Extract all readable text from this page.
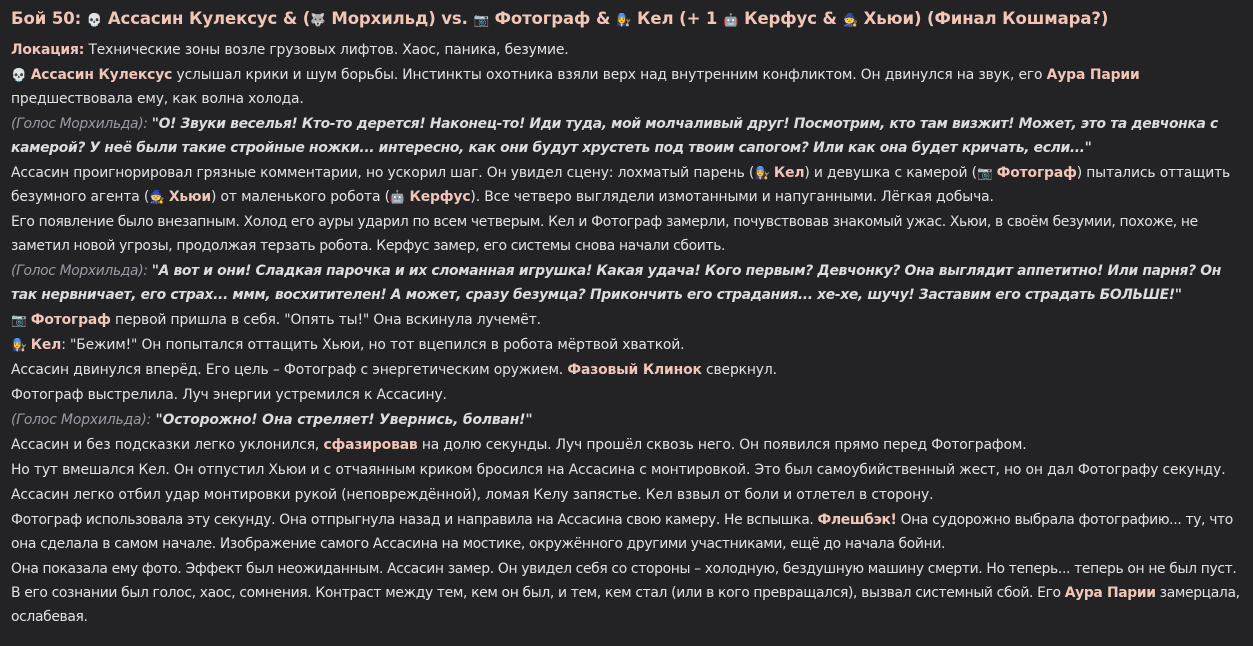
Бой 50: 💀 Ассасин Кулексус & (🐺 Морхильд) vs. 📷 Фотограф & 👩‍🔧 Кел (+ 1 🤖 Керфус & 🧙 Хьюи) (Финал Кошмара?)

Локация: Технические зоны возле грузовых лифтов. Хаос, паника, безумие.

💀 Ассасин Кулексус услышал крики и шум борьбы. Инстинкты охотника взяли верх над внутренним конфликтом. Он двинулся на звук, его Аура Парии предшествовала ему, как волна холода.

(Голос Морхильда): "О! Звуки веселья! Кто-то дерется! Наконец-то! Иди туда, мой молчаливый друг! Посмотрим, кто там визжит! Может, это та девчонка с камерой? У неё были такие стройные ножки... интересно, как они будут хрустеть под твоим сапогом? Или как она будет кричать, если..."

Ассасин проигнорировал грязные комментарии, но ускорил шаг. Он увидел сцену: лохматый парень (👩‍🔧 Кел) и девушка с камерой (📷 Фотограф) пытались оттащить безумного агента (🧙 Хьюи) от маленького робота (🤖 Керфус). Все четверо выглядели измотанными и напуганными. Лёгкая добыча.

Его появление было внезапным. Холод его ауры ударил по всем четверым. Кел и Фотограф замерли, почувствовав знакомый ужас. Хьюи, в своём безумии, похоже, не заметил новой угрозы, продолжая терзать робота. Керфус замер, его системы снова начали сбоить.

(Голос Морхильда): "А вот и они! Сладкая парочка и их сломанная игрушка! Какая удача! Кого первым? Девчонку? Она выглядит аппетитно! Или парня? Он так нервничает, его страх... ммм, восхитителен! А может, сразу безумца? Прикончить его страдания... хе-хе, шучу! Заставим его страдать БОЛЬШЕ!"

📷 Фотограф первой пришла в себя. "Опять ты!" Она вскинула лучемёт.

👩‍🔧 Кел: "Бежим!" Он попытался оттащить Хьюи, но тот вцепился в робота мёртвой хваткой.

Ассасин двинулся вперёд. Его цель – Фотограф с энергетическим оружием. Фазовый Клинок сверкнул.

Фотограф выстрелила. Луч энергии устремился к Ассасину.

(Голос Морхильда): "Осторожно! Она стреляет! Увернись, болван!"

Ассасин и без подсказки легко уклонился, сфазировав на долю секунды. Луч прошёл сквозь него. Он появился прямо перед Фотографом.

Но тут вмешался Кел. Он отпустил Хьюи и с отчаянным криком бросился на Ассасина с монтировкой. Это был самоубийственный жест, но он дал Фотографу секунду.

Ассасин легко отбил удар монтировки рукой (неповреждённой), ломая Келу запястье. Кел взвыл от боли и отлетел в сторону.

Фотограф использовала эту секунду. Она отпрыгнула назад и направила на Ассасина свою камеру. Не вспышка. Флешбэк! Она судорожно выбрала фотографию... ту, что она сделала в самом начале. Изображение самого Ассасина на мостике, окружённого другими участниками, ещё до начала бойни.

Она показала ему фото. Эффект был неожиданным. Ассасин замер. Он увидел себя со стороны – холодную, бездушную машину смерти. Но теперь... теперь он не был пуст. В его сознании был голос, хаос, сомнения. Контраст между тем, кем он был, и тем, кем стал (или в кого превращался), вызвал системный сбой. Его Аура Парии замерцала, ослабевая.
